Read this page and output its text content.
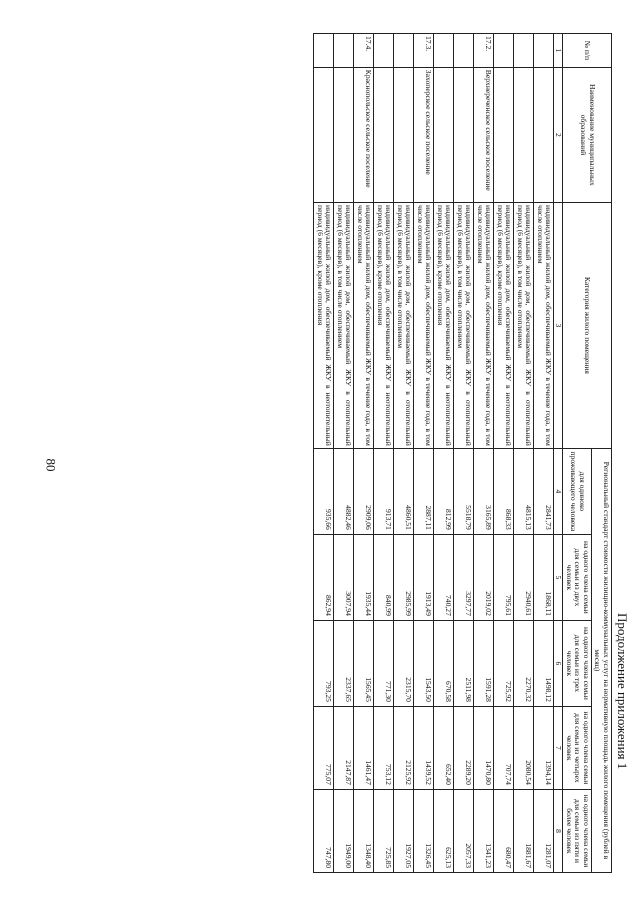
80
Продолжение приложения 1
№ п/п	Наименование муниципальных образований	Категория жилого помещения	Региональный стандарт стоимости жилищно-коммунальных услуг на нормативную площадь жилого помещения (рублей в месяц)				
			для одиноко проживающего человека	на одного члена семьи для семьи из двух человек	на одного члена семьи для семьи из трех человек	на одного члена семьи для семьи из четырех человек	на одного члена семьи для семьи из пяти и более человек
1	2	3	4	5	6	7	8
		индивидуальный жилой дом, обеспечиваемый ЖКУ в течение года, в том числе отоплением	2841,73	1868,11	1498,12	1394,14	1281,07
		индивидуальный жилой дом, обеспечиваемый ЖКУ в отопительный период (6 месяцев), в том числе отоплением	4815,13	2940,61	2270,32	2080,54	1881,67
		индивидуальный жилой дом, обеспечиваемый ЖКУ в неотопительный период (6 месяцев), кроме отопления	868,33	795,61	725,92	707,74	680,47
17.2.	Верхнереченское сельское поселение	индивидуальный жилой дом, обеспечиваемый ЖКУ в течение года, в том числе отоплением	3165,89	2019,02	1591,28	1470,80	1341,23
		индивидуальный жилой дом, обеспечиваемый ЖКУ в отопительный период (6 месяцев), в том числе отоплением	5518,79	3297,77	2511,98	2289,20	2057,33
		индивидуальный жилой дом, обеспечиваемый ЖКУ в неотопительный период (6 месяцев), кроме отопления	812,99	740,27	670,58	652,40	625,13
17.3.	Захоперское сельское поселение	индивидуальный жилой дом, обеспечиваемый ЖКУ в течение года, в том числе отоплением	2887,11	1913,49	1543,50	1439,52	1326,45
		индивидуальный жилой дом, обеспечиваемый ЖКУ в отопительный период (6 месяцев), в том числе отоплением	4860,51	2985,99	2315,70	2125,92	1927,05
		индивидуальный жилой дом, обеспечиваемый ЖКУ в неотопительный период (6 месяцев), кроме отопления	913,71	840,99	771,30	753,12	725,85
17.4.	Краснопольское сельское поселение	индивидуальный жилой дом, обеспечиваемый ЖКУ в течение года, в том числе отоплением	2909,06	1935,44	1565,45	1461,47	1348,40
		индивидуальный жилой дом, обеспечиваемый ЖКУ в отопительный период (6 месяцев), в том числе отоплением	4882,46	3007,94	2337,65	2147,87	1949,00
		индивидуальный жилой дом, обеспечиваемый ЖКУ в неотопительный период (6 месяцев), кроме отопления	935,66	862,94	793,25	775,07	747,80
